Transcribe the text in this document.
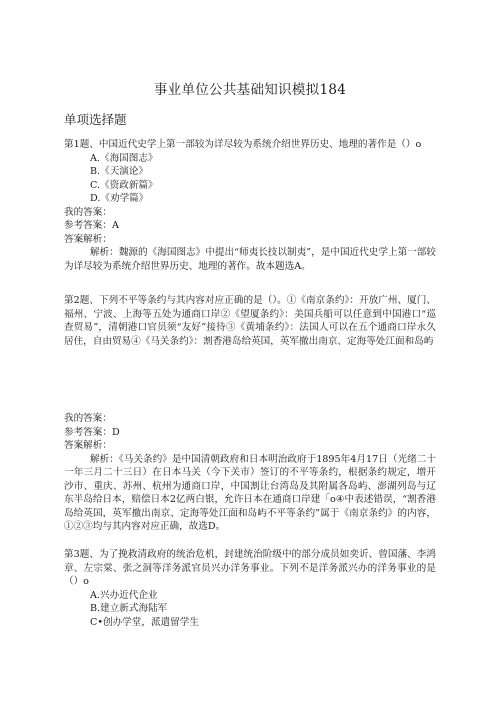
事业单位公共基础知识模拟184
单项选择题
第1题、中国近代史学上第一部较为详尽较为系统介绍世界历史、地理的著作是（）o
A.《海国图志》
B.《天演论》
C.《资政新篇》
D.《劝学篇》
我的答案：
参考答案：A
答案解析：
解析：魏源的《海国图志》中提出“师夷长技以制夷”，是中国近代史学上第一部较为详尽较为系统介绍世界历史、地理的著作。故本题选A。
第2题、下列不平等条约与其内容对应正确的是（）。①《南京条约》：开放广州、厦门、福州、宁波、上海等五处为通商口岸②《望厦条约》：美国兵船可以任意到中国港口“巡查贸易”，清朝港口官员须“友好”接待③《黄埔条约》：法国人可以在五个通商口岸永久居住，自由贸易④《马关条约》：割香港岛给英国，英军撤出南京、定海等处江面和岛屿
我的答案：
参考答案：D
答案解析：
解析：《马关条约》是中国清朝政府和日本明治政府于1895年4月17日（光绪二十一年三月二十三日）在日本马关（今下关市）签订的不平等条约，根据条约规定，增开沙市、重庆、苏州、杭州为通商口岸，中国割让台湾岛及其附属各岛屿、澎湖列岛与辽东半岛给日本，赔偿日本2亿两白银，允许日本在通商口岸建「o④中表述错误，“割香港岛给英国，英军撤出南京、定海等处江面和岛屿不平等条约”属于《南京条约》的内容，①②③均与其内容对应正确，故选D。
第3题、为了挽救清政府的统治危机，封建统治阶级中的部分成员如奕䜣、曾国藩、李鸿章、左宗棠、张之洞等洋务派官员兴办洋务事业。下列不是洋务派兴办的洋务事业的是（）o
A.兴办近代企业
B.建立新式海陆军
C•创办学堂，派遣留学生
